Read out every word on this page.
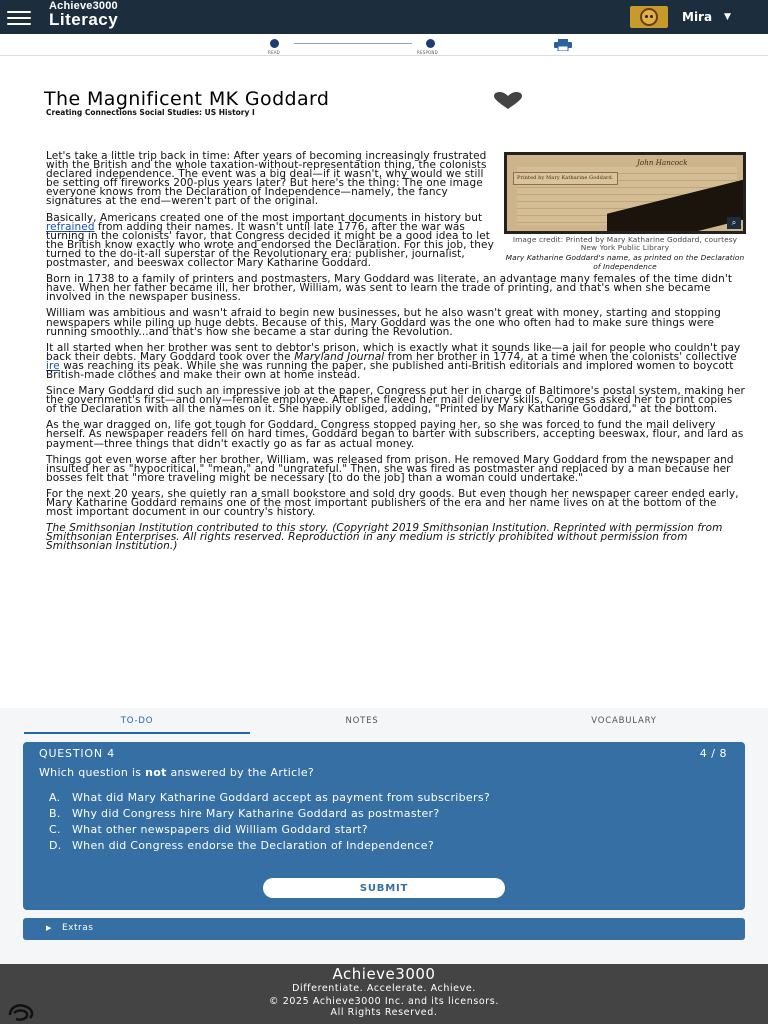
Achieve3000
Literacy	Mira ▼
READ	RESPOND
The Magnificent MK Goddard
Creating Connections Social Studies: US History I
John Hancock
Printed by Mary Katharine Goddard.
⌕
Image credit: Printed by Mary Katharine Goddard, courtesy New York Public Library
Mary Katharine Goddard's name, as printed on the Declaration of Independence

Let's take a little trip back in time: After years of becoming increasingly frustrated with the British and the whole taxation-without-representation thing, the colonists declared independence. The event was a big deal—if it wasn't, why would we still be setting off fireworks 200-plus years later? But here's the thing: The one image everyone knows from the Declaration of Independence—namely, the fancy signatures at the end—weren't part of the original.

Basically, Americans created one of the most important documents in history but refrained from adding their names. It wasn't until late 1776, after the war was turning in the colonists' favor, that Congress decided it might be a good idea to let the British know exactly who wrote and endorsed the Declaration. For this job, they turned to the do-it-all superstar of the Revolutionary era: publisher, journalist, postmaster, and beeswax collector Mary Katharine Goddard.

Born in 1738 to a family of printers and postmasters, Mary Goddard was literate, an advantage many females of the time didn't have. When her father became ill, her brother, William, was sent to learn the trade of printing, and that's when she became involved in the newspaper business.

William was ambitious and wasn't afraid to begin new businesses, but he also wasn't great with money, starting and stopping newspapers while piling up huge debts. Because of this, Mary Goddard was the one who often had to make sure things were running smoothly...and that's how she became a star during the Revolution.

It all started when her brother was sent to debtor's prison, which is exactly what it sounds like—a jail for people who couldn't pay back their debts. Mary Goddard took over the Maryland Journal from her brother in 1774, at a time when the colonists' collective ire was reaching its peak. While she was running the paper, she published anti-British editorials and implored women to boycott British-made clothes and make their own at home instead.

Since Mary Goddard did such an impressive job at the paper, Congress put her in charge of Baltimore's postal system, making her the government's first—and only—female employee. After she flexed her mail delivery skills, Congress asked her to print copies of the Declaration with all the names on it. She happily obliged, adding, "Printed by Mary Katharine Goddard," at the bottom.

As the war dragged on, life got tough for Goddard. Congress stopped paying her, so she was forced to fund the mail delivery herself. As newspaper readers fell on hard times, Goddard began to barter with subscribers, accepting beeswax, flour, and lard as payment—three things that didn't exactly go as far as actual money.

Things got even worse after her brother, William, was released from prison. He removed Mary Goddard from the newspaper and insulted her as "hypocritical," "mean," and "ungrateful." Then, she was fired as postmaster and replaced by a man because her bosses felt that "more traveling might be necessary [to do the job] than a woman could undertake."

For the next 20 years, she quietly ran a small bookstore and sold dry goods. But even though her newspaper career ended early, Mary Katharine Goddard remains one of the most important publishers of the era and her name lives on at the bottom of the most important document in our country's history.

The Smithsonian Institution contributed to this story. (Copyright 2019 Smithsonian Institution. Reprinted with permission from Smithsonian Enterprises. All rights reserved. Reproduction in any medium is strictly prohibited without permission from Smithsonian Institution.)

TO-DO	NOTES	VOCABULARY
QUESTION 4	4 / 8
Which question is not answered by the Article?
A.	What did Mary Katharine Goddard accept as payment from subscribers?
B.	Why did Congress hire Mary Katharine Goddard as postmaster?
C.	What other newspapers did William Goddard start?
D. When did Congress endorse the Declaration of Independence?
SUBMIT
▶ Extras
Achieve3000
Differentiate. Accelerate. Achieve.
© 2025 Achieve3000 Inc. and its licensors.
All Rights Reserved.
